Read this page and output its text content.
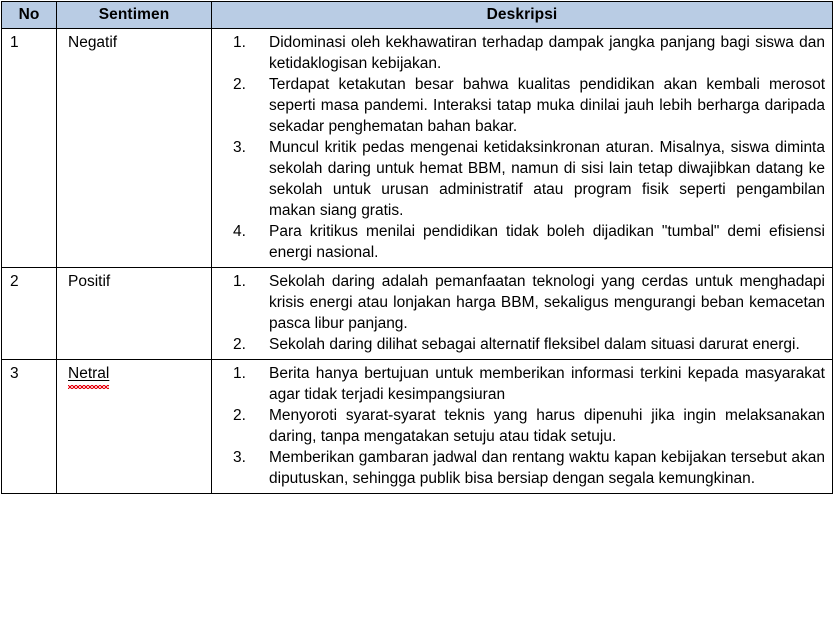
No	Sentimen	Deskripsi
1	Negatif	Didominasi oleh kekhawatiran terhadap dampak jangka panjang bagi siswa dan ketidaklogisan kebijakan.
Terdapat ketakutan besar bahwa kualitas pendidikan akan kembali merosot seperti masa pandemi. Interaksi tatap muka dinilai jauh lebih berharga daripada sekadar penghematan bahan bakar.
Muncul kritik pedas mengenai ketidaksinkronan aturan. Misalnya, siswa diminta sekolah daring untuk hemat BBM, namun di sisi lain tetap diwajibkan datang ke sekolah untuk urusan administratif atau program fisik seperti pengambilan makan siang gratis.
Para kritikus menilai pendidikan tidak boleh dijadikan "tumbal" demi efisiensi energi nasional.

2	Positif	Sekolah daring adalah pemanfaatan teknologi yang cerdas untuk menghadapi krisis energi atau lonjakan harga BBM, sekaligus mengurangi beban kemacetan pasca libur panjang.
Sekolah daring dilihat sebagai alternatif fleksibel dalam situasi darurat energi.

3	Netral	Berita hanya bertujuan untuk memberikan informasi terkini kepada masyarakat agar tidak terjadi kesimpangsiuran
Menyoroti syarat-syarat teknis yang harus dipenuhi jika ingin melaksanakan daring, tanpa mengatakan setuju atau tidak setuju.
Memberikan gambaran jadwal dan rentang waktu kapan kebijakan tersebut akan diputuskan, sehingga publik bisa bersiap dengan segala kemungkinan.
